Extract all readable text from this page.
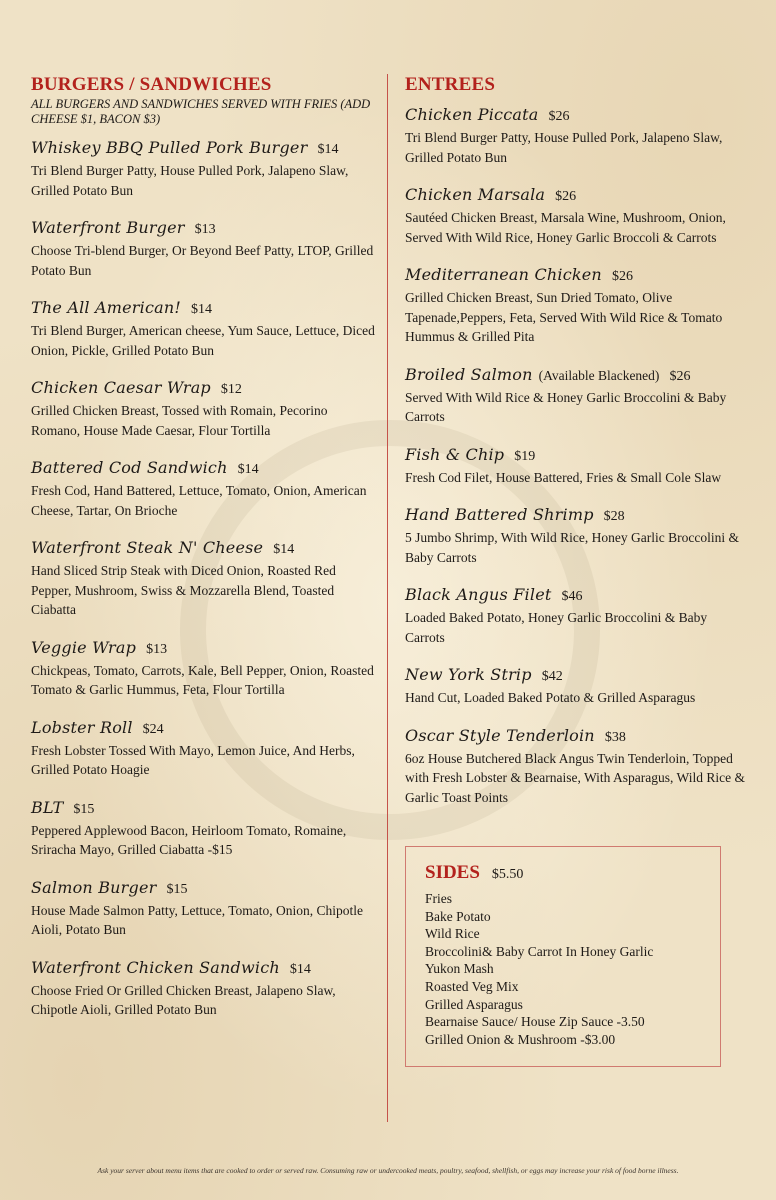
BURGERS / SANDWICHES
ALL BURGERS AND SANDWICHES SERVED WITH FRIES (ADD CHEESE $1, BACON $3)
Whiskey BBQ Pulled Pork Burger $14
Tri Blend Burger Patty, House Pulled Pork, Jalapeno Slaw, Grilled Potato Bun
Waterfront Burger $13
Choose Tri-blend Burger, Or Beyond Beef Patty, LTOP, Grilled Potato Bun
The All American! $14
Tri Blend Burger, American cheese, Yum Sauce, Lettuce, Diced Onion, Pickle, Grilled Potato Bun
Chicken Caesar Wrap $12
Grilled Chicken Breast, Tossed with Romain, Pecorino Romano, House Made Caesar, Flour Tortilla
Battered Cod Sandwich $14
Fresh Cod, Hand Battered, Lettuce, Tomato, Onion, American Cheese, Tartar, On Brioche
Waterfront Steak N' Cheese $14
Hand Sliced Strip Steak with Diced Onion, Roasted Red Pepper, Mushroom, Swiss & Mozzarella Blend, Toasted Ciabatta
Veggie Wrap $13
Chickpeas, Tomato, Carrots, Kale, Bell Pepper, Onion, Roasted Tomato & Garlic Hummus, Feta, Flour Tortilla
Lobster Roll $24
Fresh Lobster Tossed With Mayo, Lemon Juice, And Herbs, Grilled Potato Hoagie
BLT $15
Peppered Applewood Bacon, Heirloom Tomato, Romaine, Sriracha Mayo, Grilled Ciabatta -$15
Salmon Burger $15
House Made Salmon Patty, Lettuce, Tomato, Onion, Chipotle Aioli, Potato Bun
Waterfront Chicken Sandwich $14
Choose Fried Or Grilled Chicken Breast, Jalapeno Slaw, Chipotle Aioli, Grilled Potato Bun
ENTREES
Chicken Piccata $26
Tri Blend Burger Patty, House Pulled Pork, Jalapeno Slaw, Grilled Potato Bun
Chicken Marsala $26
Sautéed Chicken Breast, Marsala Wine, Mushroom, Onion, Served With Wild Rice, Honey Garlic Broccoli & Carrots
Mediterranean Chicken $26
Grilled Chicken Breast, Sun Dried Tomato, Olive Tapenade,Peppers, Feta, Served With Wild Rice & Tomato Hummus & Grilled Pita
Broiled Salmon (Available Blackened) $26
Served With Wild Rice & Honey Garlic Broccolini & Baby Carrots
Fish & Chip $19
Fresh Cod Filet, House Battered, Fries & Small Cole Slaw
Hand Battered Shrimp $28
5 Jumbo Shrimp, With Wild Rice, Honey Garlic Broccolini & Baby Carrots
Black Angus Filet $46
Loaded Baked Potato, Honey Garlic Broccolini & Baby Carrots
New York Strip $42
Hand Cut, Loaded Baked Potato & Grilled Asparagus
Oscar Style Tenderloin $38
6oz House Butchered Black Angus Twin Tenderloin, Topped with Fresh Lobster & Bearnaise, With Asparagus, Wild Rice & Garlic Toast Points
SIDES $5.50
Fries
Bake Potato
Wild Rice
Broccolini& Baby Carrot In Honey Garlic
Yukon Mash
Roasted Veg Mix
Grilled Asparagus
Bearnaise Sauce/ House Zip Sauce -3.50
Grilled Onion & Mushroom -$3.00
Ask your server about menu items that are cooked to order or served raw. Consuming raw or undercooked meats, poultry, seafood, shellfish, or eggs may increase your risk of food borne illness.
